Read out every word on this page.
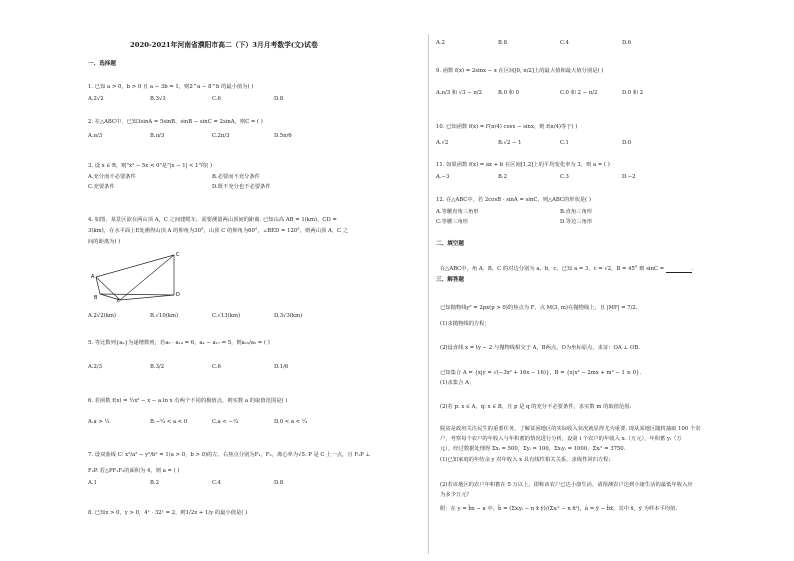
2020-2021年河南省濮阳市高二（下）3月月考数学(文)试卷
一、选择题
1. 已知 a > 0，b > 0 且 a − 3b = 1，则2^a − 8^b 的最小值为( )
A.2√2	B.3√3	C.6	D.8
2. 在△ABC中，已知3sinA = 5sinB，sinB − sinC = 2sinA，则C = ( )
A.π/3	B.π/3	C.2π/3	D.5π/6
3. 设 x ∈ R，则"x² − 5x < 0"是"|x − 1| < 1"的( )
A.充分而不必要条件	B.必要而不充分条件
C.充要条件	D.既不充分也不必要条件
4. 如图，某景区欲在两山顶 A，C 之间建缆车，需要测量两山顶间的距离. 已知山高 AB = 1(km)，CD =
3(km)，在水平面上E处测得山顶 A 的仰角为30°，山顶 C 的仰角为60°，∠BED = 120°，则两山顶 A，C 之
间的距离为( )
A
B
C
D
E
A.2√2(km)	B.√10(km)	C.√13(km)	D.3√3(km)
5. 等比数列{aₙ}为递增数列，若a₅ · a₁₄ = 6，a₄ − a₁₇ = 5，则a₁₅/a₅ = ( )
A.2/3	B.3/2	C.6	D.1/6
6. 若函数 f(x) = ½x² − x − a ln x 有两个不同的极值点，则实数 a 的取值范围是( )
A.a > ¼	B.−¼ < a < 0	C.a < −¼	D.0 < a < ¼
7. 设双曲线 C: x²/a² − y²/b² = 1(a > 0，b > 0)的左、右焦点分别为F₁，F₂，离心率为√5. P 是 C 上一点，且 F₁P ⊥
F₂P. 若△PF₁F₂的面积为 4，则 a = ( )
A.1	B.2	C.4	D.8
8. 已知x > 0，y > 0，4ˣ · 32ʸ = 2，则1/2x + 1/y 的最小值是( )
A.2	B.8	C.4	D.6
9. 函数 f(x) = 2sinx − x 在区间[0, π/2]上的最大值和最大值分别是( )
A.π/3 和 √3 − π/2	B.0 和 0	C.0 和 2 − π/2	D.0 和 2
10. 已知函数 f(x) = f′(π/4) cosx − sinx，则 f(π/4)等于( )
A.√2	B.√2 − 1	C.1	D.0
11. 如果函数 f(x) = ax + b 在区间[1,2]上的平均变化率为 3，则 a = ( )
A.−3	B.2	C.3	D.−2
12. 在△ABC中，若 2cosB · sinA = sinC，则△ABC的形状是( )
A.等腰直角三角形	B.直角三角形
C.等腰三角形	D.等边三角形
二、填空题
在△ABC中，角 A，B，C 的对边分别为 a，b，c，已知 a = 3，c = √2，B = 45° 则 sinC =	.
三、解答题
已知抛物线y² = 2px(p > 0)的焦点为 F，点 M(3, m)在抛物线上，且 |MF| = 7/2.
(1)求抛物线的方程；
(2)设直线 x = ty − 2 与抛物线相交于 A，B两点，O为坐标原点，求证：OA ⊥ OB.
已知集合 A = {x|y = √(−3x² + 16x − 16)}，B = {x|x² − 2mx + m² − 1 ≥ 0}.
(1)求集合 A；
(2)若 p: x ∈ A，q: x ∈ B，且 p 是 q 的充分不必要条件，求实数 m 的取值范围.
脱贫是政府关注民生的重要任务，了解贫困地区的实际收入状况就显得尤为重要. 现从某地区随机抽取 100 个农
户，考察每个农户的年收入与年积蓄的情况进行分析，设第 i 个农户的年收入 xᵢ（万元），年积蓄 yᵢ（万
元），经过数据处理得 Σxᵢ = 500，Σyᵢ = 100，Σxᵢyᵢ = 1000，Σxᵢ² = 3750.
(1)已知家庭的年结余 y 对年收入 x 具有线性相关关系，求线性回归方程；
(2)若该地区的农户年积蓄在 5 万以上，即称该农户已达小康生活，请预测农户达到小康生活的最低年收入应
为多少万元？
附：在 y = b̂x − a 中，b̂ = (Σxᵢyᵢ − n x̄ ȳ)/(Σxᵢ² − n x̄²)，â = ȳ − b̂x̄，其中 x̄，ȳ 为样本平均值.
